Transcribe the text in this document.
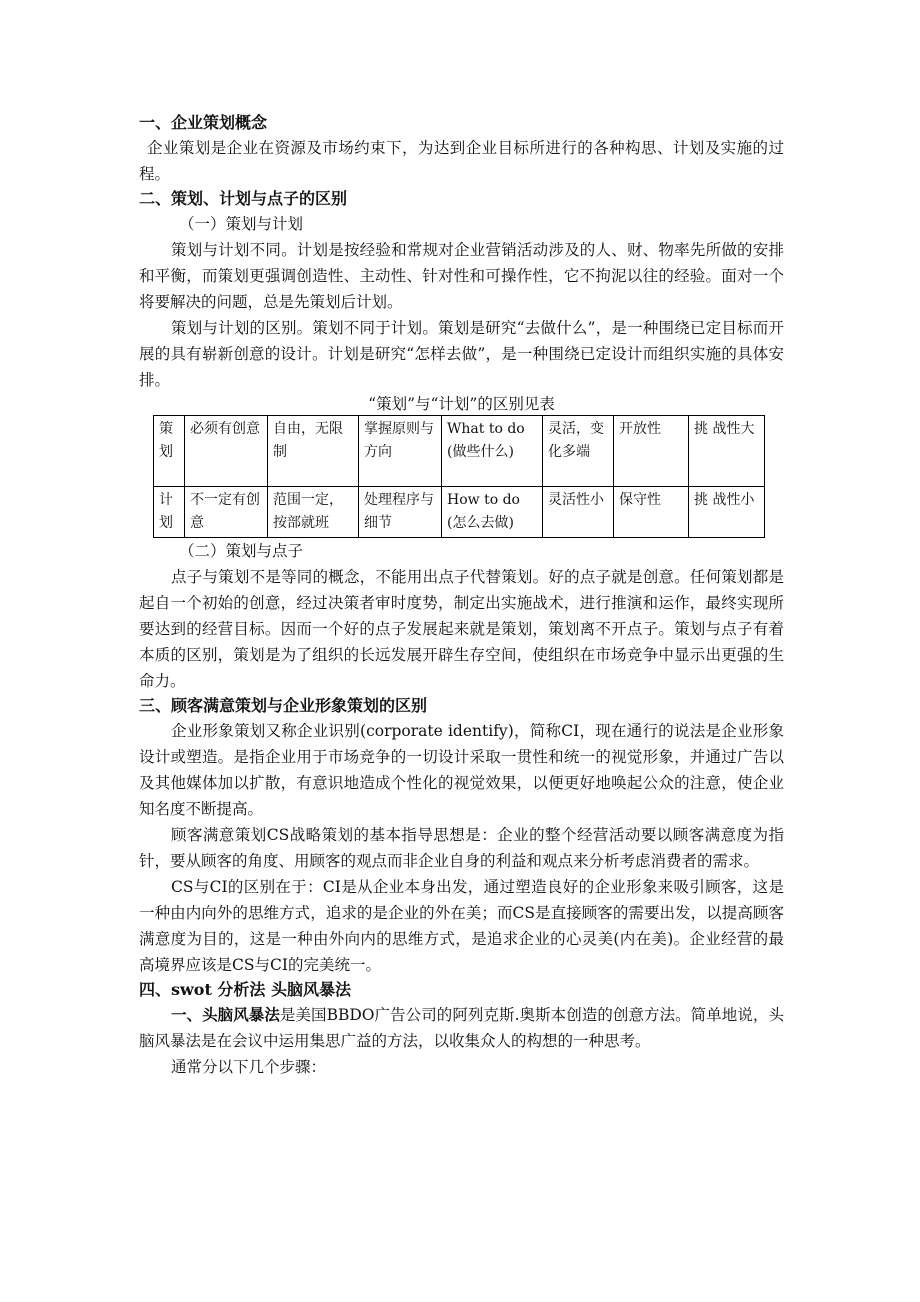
一、企业策划概念

企业策划是企业在资源及市场约束下，为达到企业目标所进行的各种构思、计划及实施的过程。

二、策划、计划与点子的区别

（一）策划与计划

策划与计划不同。计划是按经验和常规对企业营销活动涉及的人、财、物率先所做的安排和平衡，而策划更强调创造性、主动性、针对性和可操作性，它不拘泥以往的经验。面对一个将要解决的问题，总是先策划后计划。

策划与计划的区别。策划不同于计划。策划是研究“去做什么”，是一种围绕已定目标而开展的具有崭新创意的设计。计划是研究“怎样去做”，是一种围绕已定设计而组织实施的具体安排。

“策划”与“计划”的区别见表

策划	必须有创意	自由，无限制	掌握原则与方向	What to do (做些什么)	灵活，变化多端	开放性	挑 战性大
计划	不一定有创意	范围一定，按部就班	处理程序与细节	How to do (怎么去做)	灵活性小	保守性	挑 战性小

（二）策划与点子

点子与策划不是等同的概念，不能用出点子代替策划。好的点子就是创意。任何策划都是起自一个初始的创意，经过决策者审时度势，制定出实施战术，进行推演和运作，最终实现所要达到的经营目标。因而一个好的点子发展起来就是策划，策划离不开点子。策划与点子有着本质的区别，策划是为了组织的长远发展开辟生存空间，使组织在市场竞争中显示出更强的生命力。

三、顾客满意策划与企业形象策划的区别

企业形象策划又称企业识别(corporate identify)，简称CI，现在通行的说法是企业形象设计或塑造。是指企业用于市场竞争的一切设计采取一贯性和统一的视觉形象，并通过广告以及其他媒体加以扩散，有意识地造成个性化的视觉效果，以便更好地唤起公众的注意，使企业知名度不断提高。

顾客满意策划CS战略策划的基本指导思想是：企业的整个经营活动要以顾客满意度为指针，要从顾客的角度、用顾客的观点而非企业自身的利益和观点来分析考虑消费者的需求。

CS与CI的区别在于：CI是从企业本身出发，通过塑造良好的企业形象来吸引顾客，这是一种由内向外的思维方式，追求的是企业的外在美；而CS是直接顾客的需要出发，以提高顾客满意度为目的，这是一种由外向内的思维方式，是追求企业的心灵美(内在美)。企业经营的最高境界应该是CS与CI的完美统一。

四、swot 分析法 头脑风暴法

一、头脑风暴法是美国BBDO广告公司的阿列克斯.奥斯本创造的创意方法。简单地说，头脑风暴法是在会议中运用集思广益的方法，以收集众人的构想的一种思考。

通常分以下几个步骤：
